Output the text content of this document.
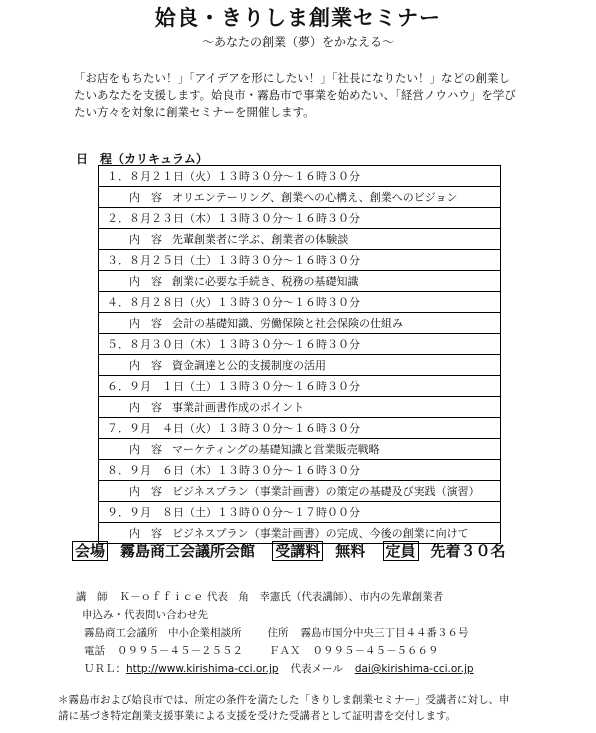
姶良・きりしま創業セミナー
～あなたの創業（夢）をかなえる～

「お店をもちたい！」「アイデアを形にしたい！」「社長になりたい！」などの創業し

たいあなたを支援します。姶良市・霧島市で事業を始めたい、「経営ノウハウ」を学び

たい方々を対象に創業セミナーを開催します。

日　程（カリキュラム）
１．８月２１日（火）１３時３０分～１６時３０分
内　容 オリエンテーリング、創業への心構え、創業へのビジョン
２．８月２３日（木）１３時３０分～１６時３０分
内　容 先輩創業者に学ぶ、創業者の体験談
３．８月２５日（土）１３時３０分～１６時３０分
内　容 創業に必要な手続き、税務の基礎知識
４．８月２８日（火）１３時３０分～１６時３０分
内　容 会計の基礎知識、労働保険と社会保険の仕組み
５．８月３０日（木）１３時３０分～１６時３０分
内　容 資金調達と公的支援制度の活用
６．９月　１日（土）１３時３０分～１６時３０分
内　容 事業計画書作成のポイント
７．９月　４日（火）１３時３０分～１６時３０分
内　容 マーケティングの基礎知識と営業販売戦略
８．９月　６日（木）１３時３０分～１６時３０分
内　容 ビジネスプラン（事業計画書）の策定の基礎及び実践（演習）
９．９月　８日（土）１３時００分～１７時００分
内　容 ビジネスプラン（事業計画書）の完成、今後の創業に向けて
会場 霧島商工会議所会館 受講料 無料 定員 先着３０名
講　師 Ｋ－ｏｆｆｉｃｅ 代表　角　幸憲氏（代表講師）、市内の先輩創業者
申込み・代表問い合わせ先
霧島商工会議所　中小企業相談所 住所 霧島市国分中央三丁目４４番３６号
電話 ０９９５－４５－２５５２ ＦＡＸ ０９９５－４５－５６６９
ＵＲＬ：http://www.kirishima-cci.or.jp 代表メール dai@kirishima-cci.or.jp

＊霧島市および姶良市では、所定の条件を満たした「きりしま創業セミナー」受講者に対し、申

請に基づき特定創業支援事業による支援を受けた受講者として証明書を交付します。
